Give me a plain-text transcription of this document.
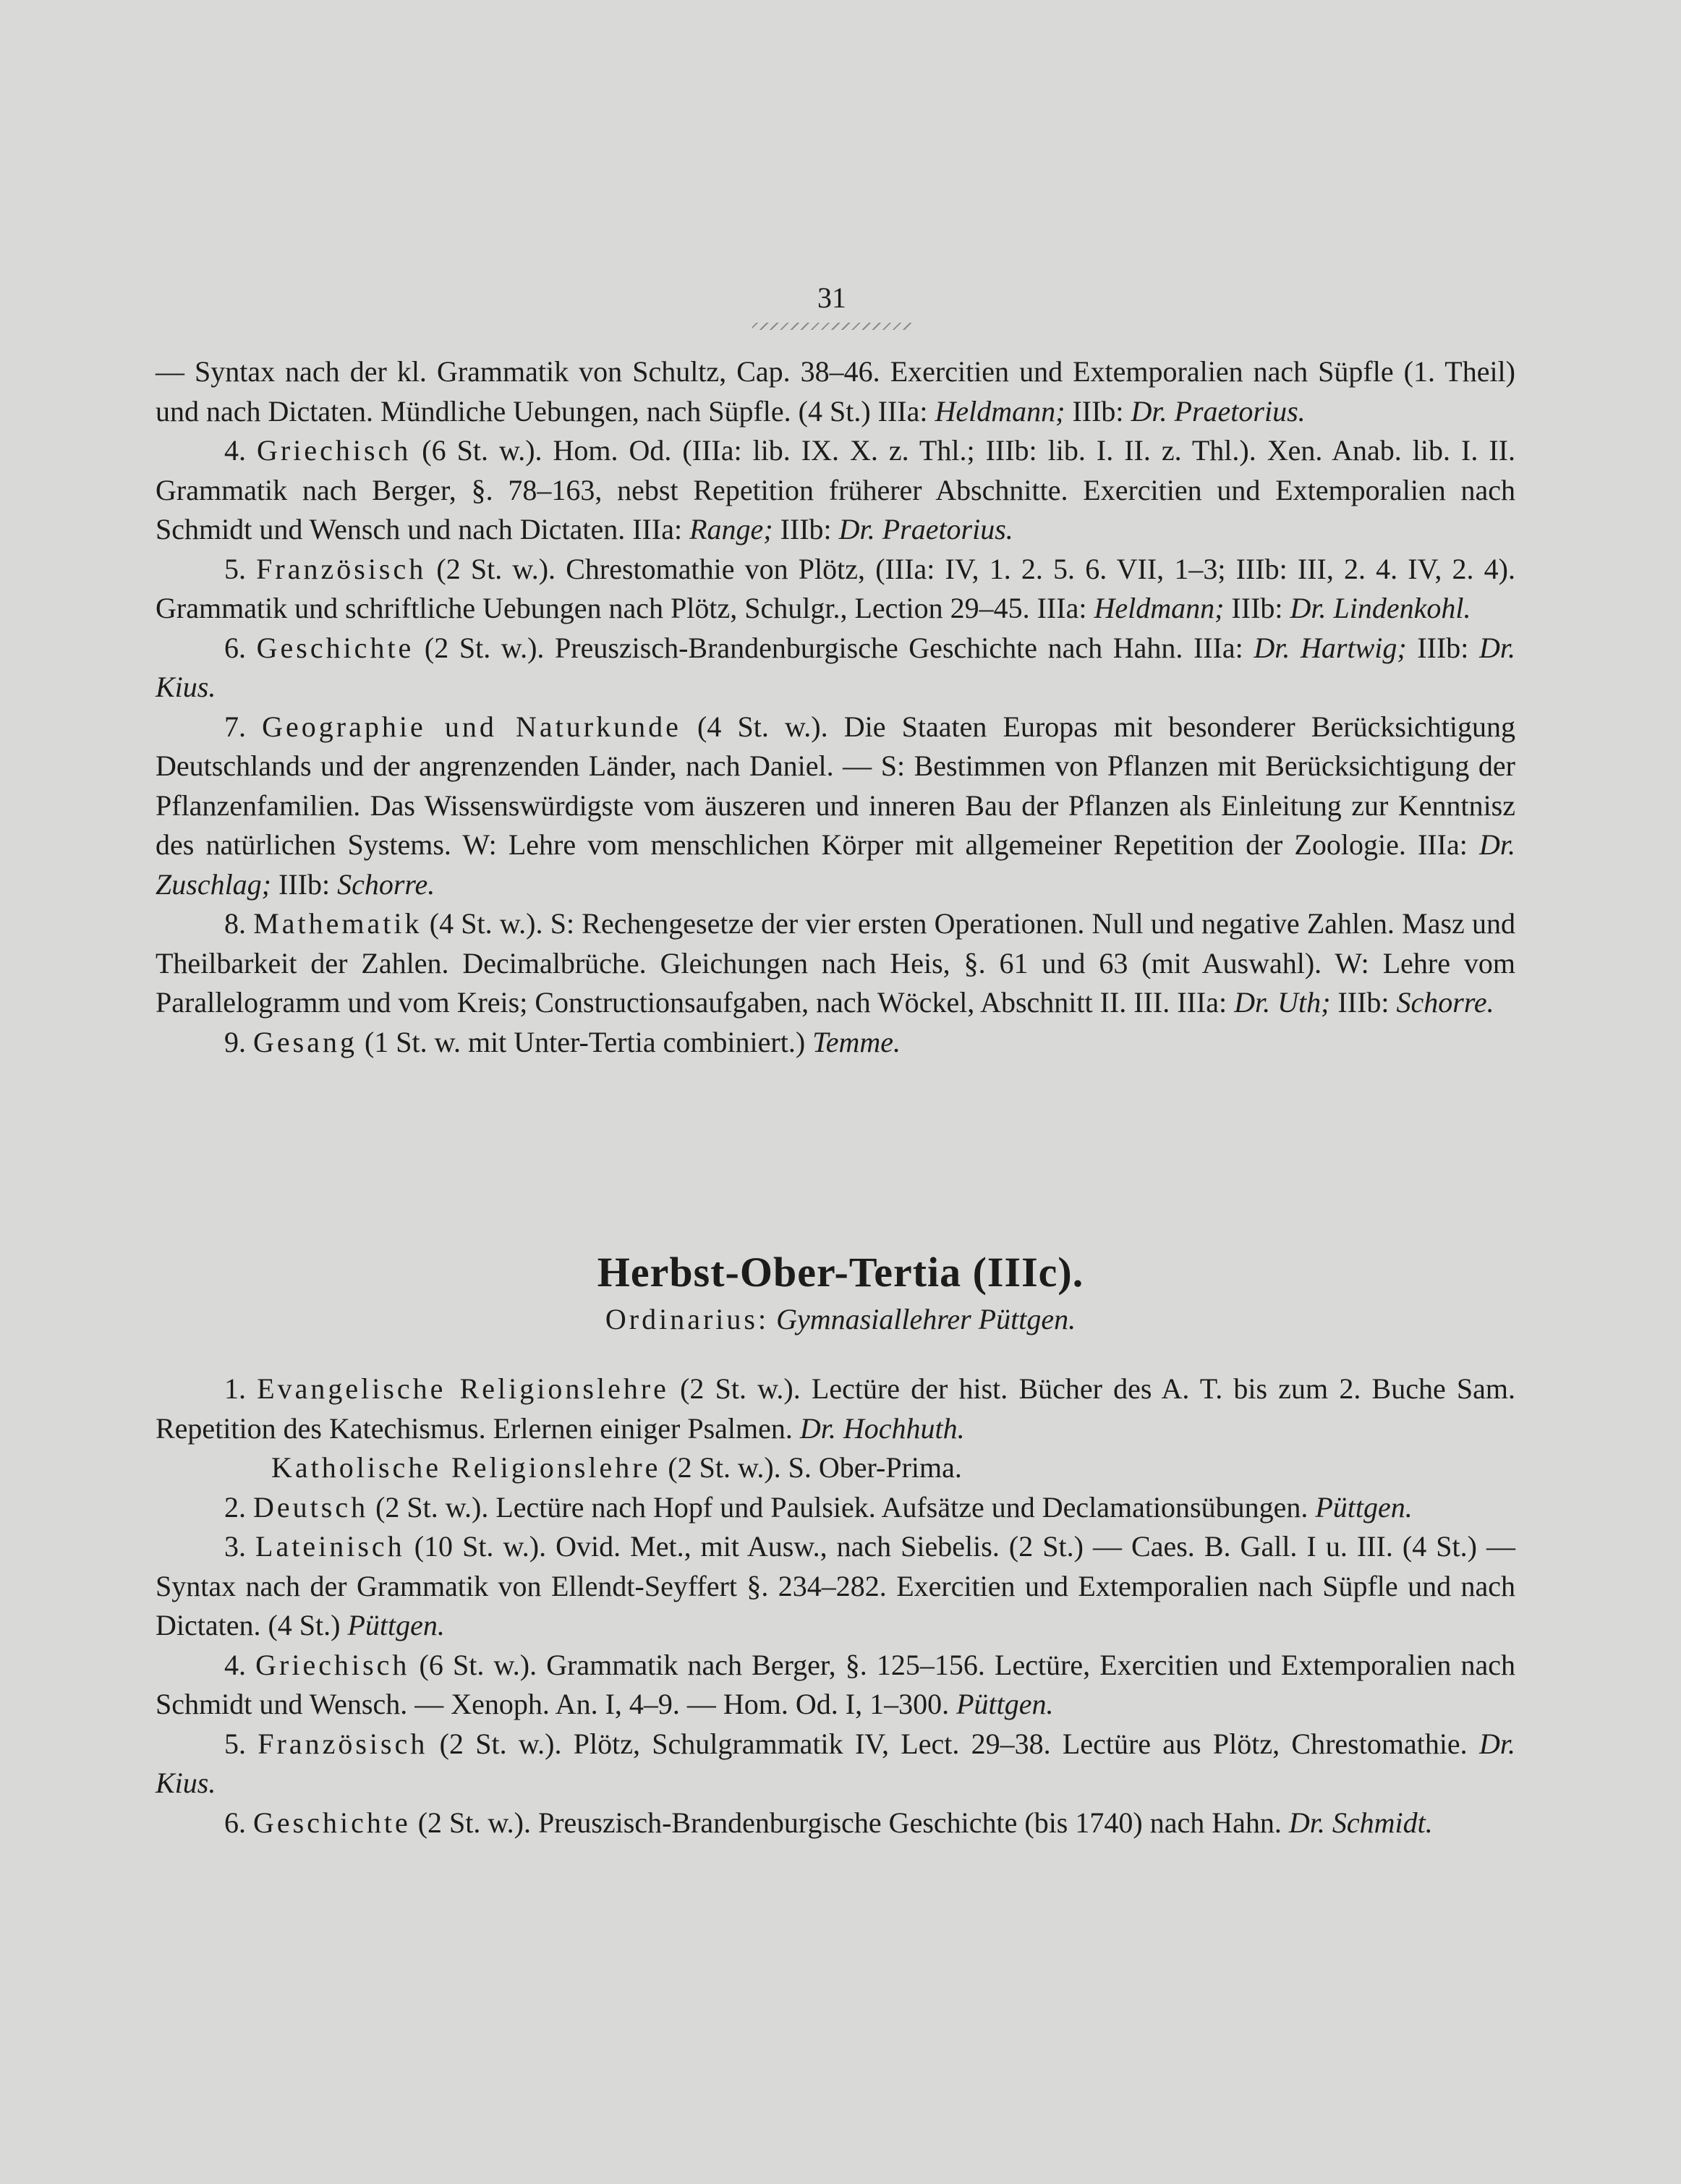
31

— Syntax nach der kl. Grammatik von Schultz, Cap. 38–46. Exercitien und Extemporalien nach Süpfle (1. Theil) und nach Dictaten. Mündliche Uebungen, nach Süpfle. (4 St.) IIIa: Heldmann; IIIb: Dr. Praetorius.

4. Griechisch (6 St. w.). Hom. Od. (IIIa: lib. IX. X. z. Thl.; IIIb: lib. I. II. z. Thl.). Xen. Anab. lib. I. II. Grammatik nach Berger, §. 78–163, nebst Repetition früherer Abschnitte. Exercitien und Extemporalien nach Schmidt und Wensch und nach Dictaten. IIIa: Range; IIIb: Dr. Praetorius.

5. Französisch (2 St. w.). Chrestomathie von Plötz, (IIIa: IV, 1. 2. 5. 6. VII, 1–3; IIIb: III, 2. 4. IV, 2. 4). Grammatik und schriftliche Uebungen nach Plötz, Schulgr., Lection 29–45. IIIa: Heldmann; IIIb: Dr. Lindenkohl.

6. Geschichte (2 St. w.). Preuszisch-Brandenburgische Geschichte nach Hahn. IIIa: Dr. Hartwig; IIIb: Dr. Kius.

7. Geographie und Naturkunde (4 St. w.). Die Staaten Europas mit besonderer Berücksichtigung Deutschlands und der angrenzenden Länder, nach Daniel. — S: Bestimmen von Pflanzen mit Berücksichtigung der Pflanzenfamilien. Das Wissenswürdigste vom äuszeren und inneren Bau der Pflanzen als Einleitung zur Kenntnisz des natürlichen Systems. W: Lehre vom menschlichen Körper mit allgemeiner Repetition der Zoologie. IIIa: Dr. Zuschlag; IIIb: Schorre.

8. Mathematik (4 St. w.). S: Rechengesetze der vier ersten Operationen. Null und negative Zahlen. Masz und Theilbarkeit der Zahlen. Decimalbrüche. Gleichungen nach Heis, §. 61 und 63 (mit Auswahl). W: Lehre vom Parallelogramm und vom Kreis; Constructionsaufgaben, nach Wöckel, Abschnitt II. III. IIIa: Dr. Uth; IIIb: Schorre.

9. Gesang (1 St. w. mit Unter-Tertia combiniert.) Temme.

Herbst-Ober-Tertia (IIIc).
Ordinarius: Gymnasiallehrer Püttgen.

1. Evangelische Religionslehre (2 St. w.). Lectüre der hist. Bücher des A. T. bis zum 2. Buche Sam. Repetition des Katechismus. Erlernen einiger Psalmen. Dr. Hochhuth.

Katholische Religionslehre (2 St. w.). S. Ober-Prima.

2. Deutsch (2 St. w.). Lectüre nach Hopf und Paulsiek. Aufsätze und Declamationsübungen. Püttgen.

3. Lateinisch (10 St. w.). Ovid. Met., mit Ausw., nach Siebelis. (2 St.) — Caes. B. Gall. I u. III. (4 St.) — Syntax nach der Grammatik von Ellendt-Seyffert §. 234–282. Exercitien und Extemporalien nach Süpfle und nach Dictaten. (4 St.) Püttgen.

4. Griechisch (6 St. w.). Grammatik nach Berger, §. 125–156. Lectüre, Exercitien und Extemporalien nach Schmidt und Wensch. — Xenoph. An. I, 4–9. — Hom. Od. I, 1–300. Püttgen.

5. Französisch (2 St. w.). Plötz, Schulgrammatik IV, Lect. 29–38. Lectüre aus Plötz, Chrestomathie. Dr. Kius.

6. Geschichte (2 St. w.). Preuszisch-Brandenburgische Geschichte (bis 1740) nach Hahn. Dr. Schmidt.
